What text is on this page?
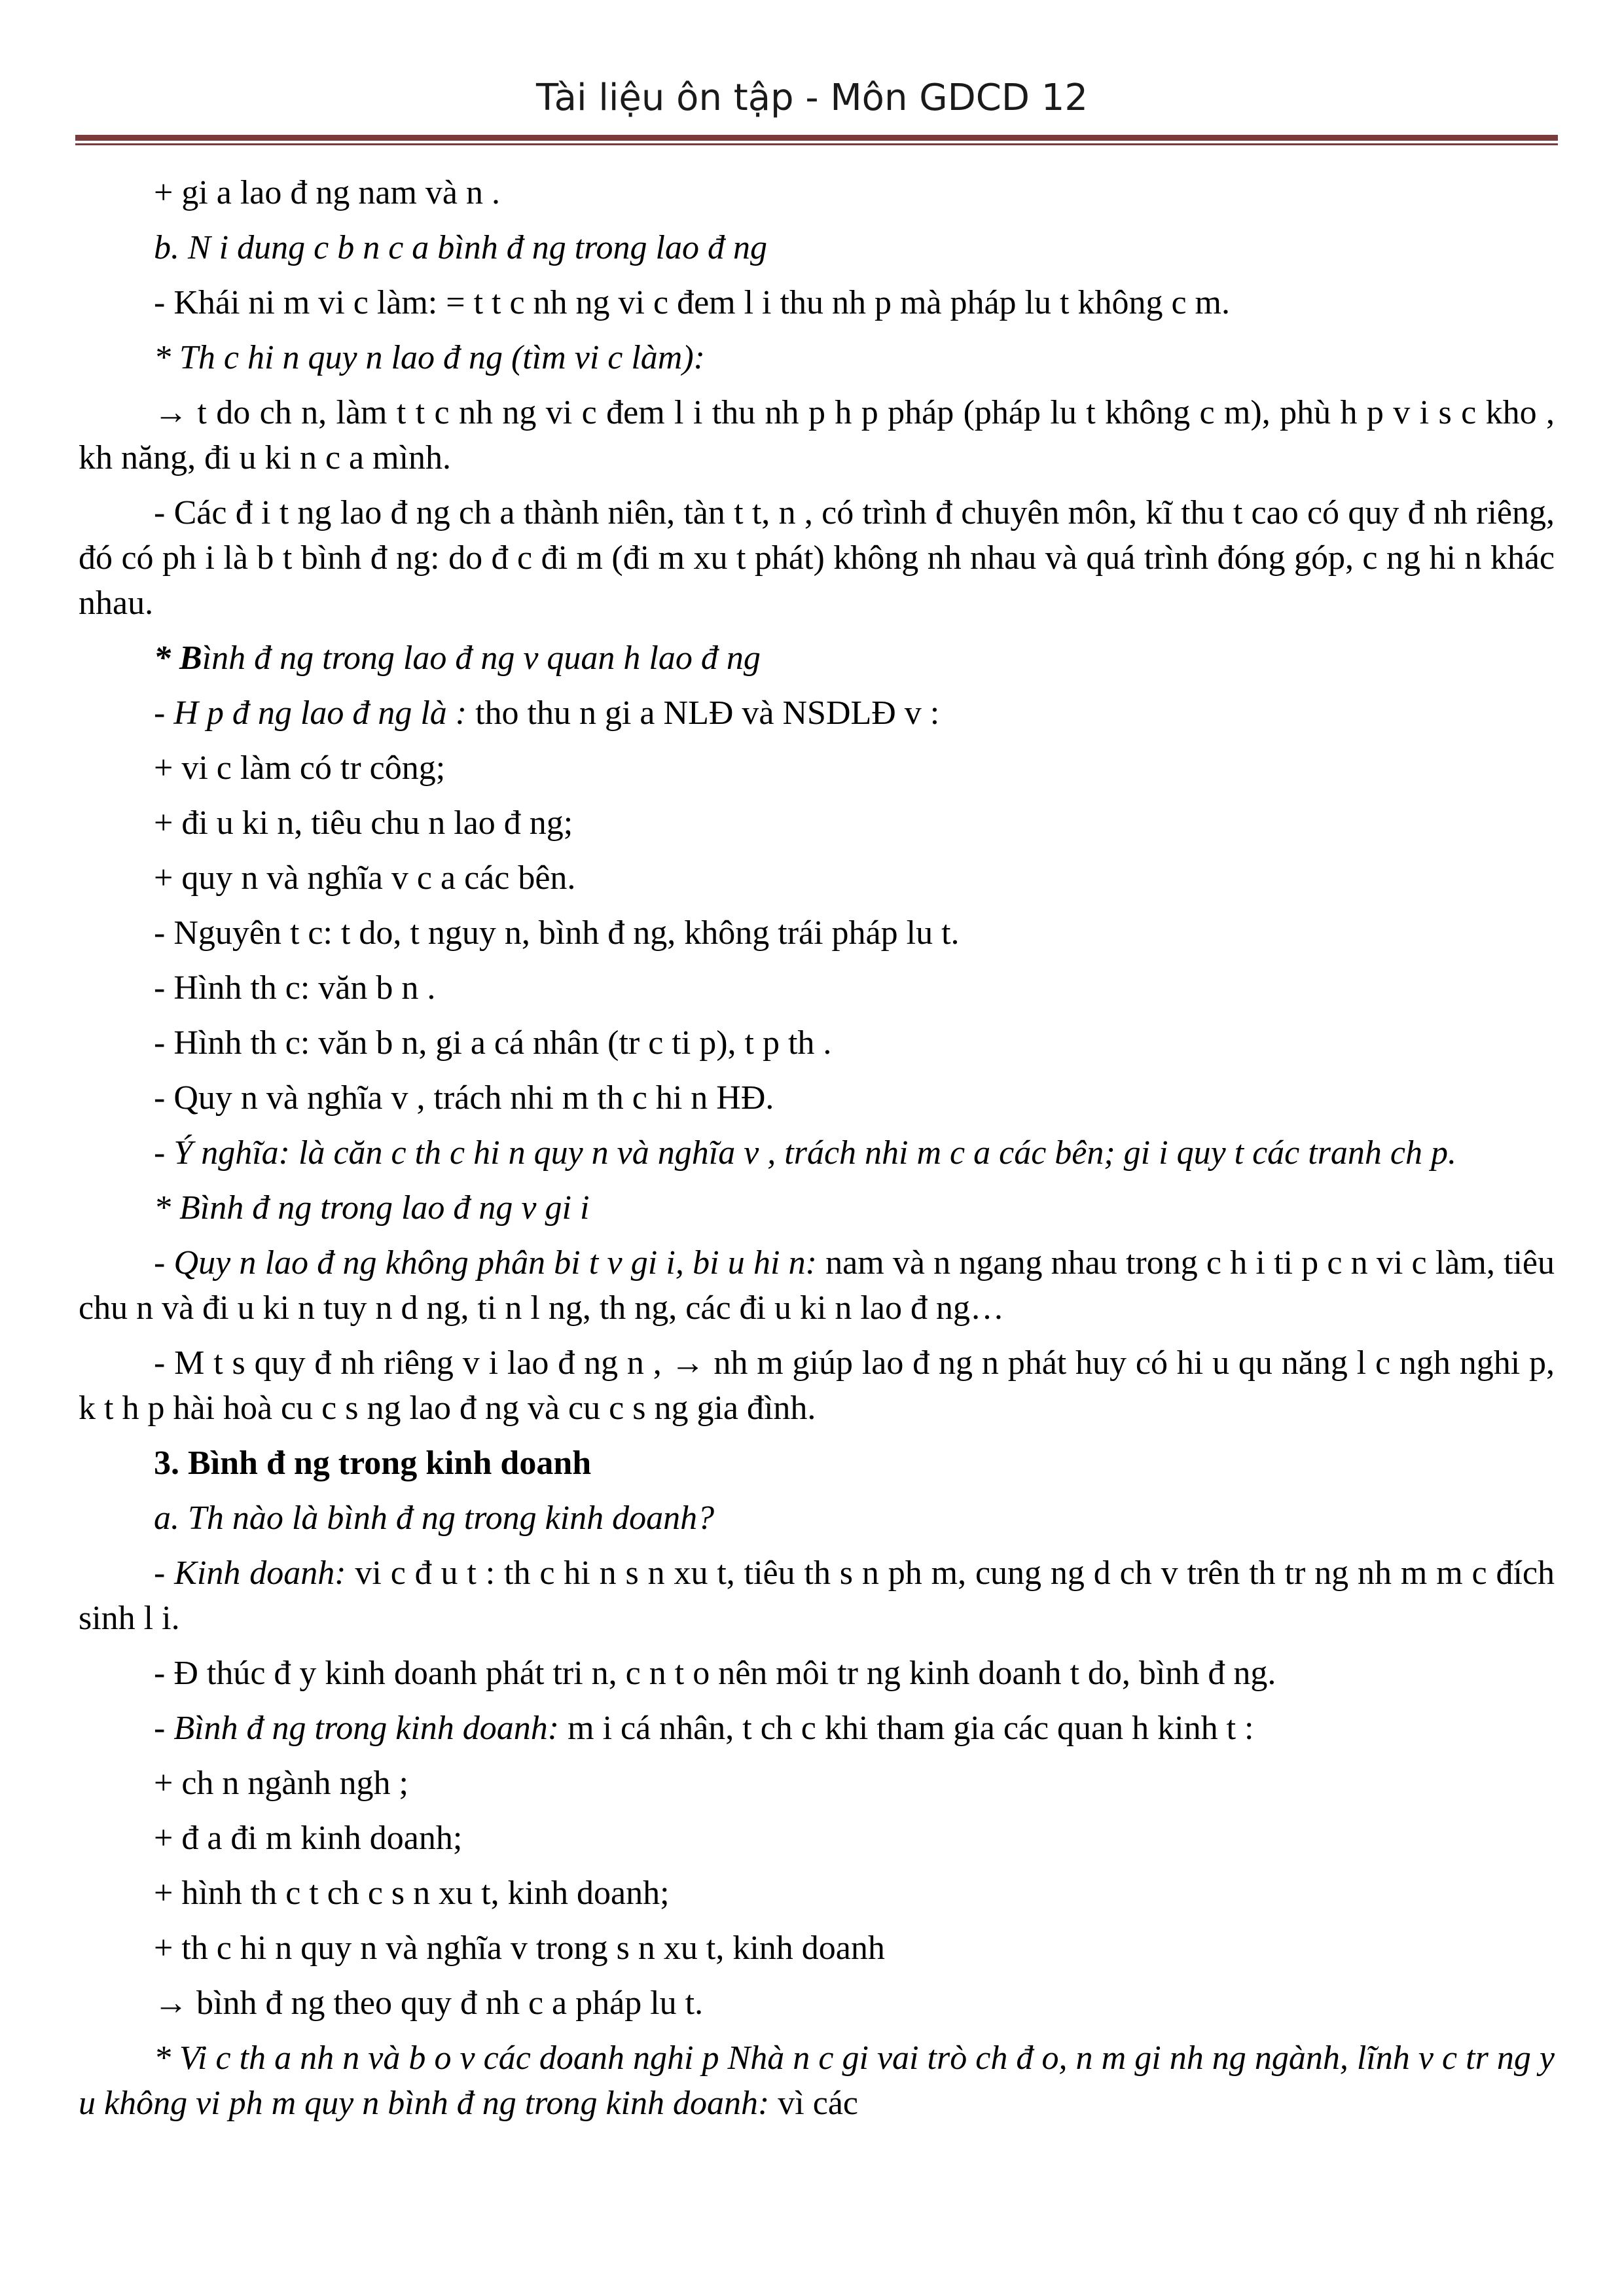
Tài liệu ôn tập - Môn GDCD 12

+ gi a lao đ ng nam và n .

b. N i dung c b n c a bình đ ng trong lao đ ng

- Khái ni m vi c làm: = t t c nh ng vi c đem l i thu nh p mà pháp lu t không c m.

* Th c hi n quy n lao đ ng (tìm vi c làm):

→ t do ch n, làm t t c nh ng vi c đem l i thu nh p h p pháp (pháp lu t không c m), phù h p v i s c kho , kh năng, đi u ki n c a mình.

- Các đ i t ng lao đ ng ch a thành niên, tàn t t, n , có trình đ chuyên môn, kĩ thu t cao có quy đ nh riêng, đó có ph i là b t bình đ ng: do đ c đi m (đi m xu t phát) không nh nhau và quá trình đóng góp, c ng hi n khác nhau.

* Bình đ ng trong lao đ ng v quan h lao đ ng

- H p đ ng lao đ ng là : tho thu n gi a NLĐ và NSDLĐ v :

+ vi c làm có tr công;

+ đi u ki n, tiêu chu n lao đ ng;

+ quy n và nghĩa v c a các bên.

- Nguyên t c: t do, t nguy n, bình đ ng, không trái pháp lu t.

- Hình th c: văn b n .

- Hình th c: văn b n, gi a cá nhân (tr c ti p), t p th .

- Quy n và nghĩa v , trách nhi m th c hi n HĐ.

- Ý nghĩa: là căn c th c hi n quy n và nghĩa v , trách nhi m c a các bên; gi i quy t các tranh ch p.

* Bình đ ng trong lao đ ng v gi i

- Quy n lao đ ng không phân bi t v gi i, bi u hi n: nam và n ngang nhau trong c h i ti p c n vi c làm, tiêu chu n và đi u ki n tuy n d ng, ti n l ng, th ng, các đi u ki n lao đ ng…

- M t s quy đ nh riêng v i lao đ ng n , → nh m giúp lao đ ng n phát huy có hi u qu năng l c ngh nghi p, k t h p hài hoà cu c s ng lao đ ng và cu c s ng gia đình.

3. Bình đ ng trong kinh doanh

a. Th nào là bình đ ng trong kinh doanh?

- Kinh doanh: vi c đ u t : th c hi n s n xu t, tiêu th s n ph m, cung ng d ch v trên th tr ng nh m m c đích sinh l i.

- Đ thúc đ y kinh doanh phát tri n, c n t o nên môi tr ng kinh doanh t do, bình đ ng.

- Bình đ ng trong kinh doanh: m i cá nhân, t ch c khi tham gia các quan h kinh t :

+ ch n ngành ngh ;

+ đ a đi m kinh doanh;

+ hình th c t ch c s n xu t, kinh doanh;

+ th c hi n quy n và nghĩa v trong s n xu t, kinh doanh

→ bình đ ng theo quy đ nh c a pháp lu t.

* Vi c th a nh n và b o v các doanh nghi p Nhà n c gi vai trò ch đ o, n m gi nh ng ngành, lĩnh v c tr ng y u không vi ph m quy n bình đ ng trong kinh doanh: vì các
